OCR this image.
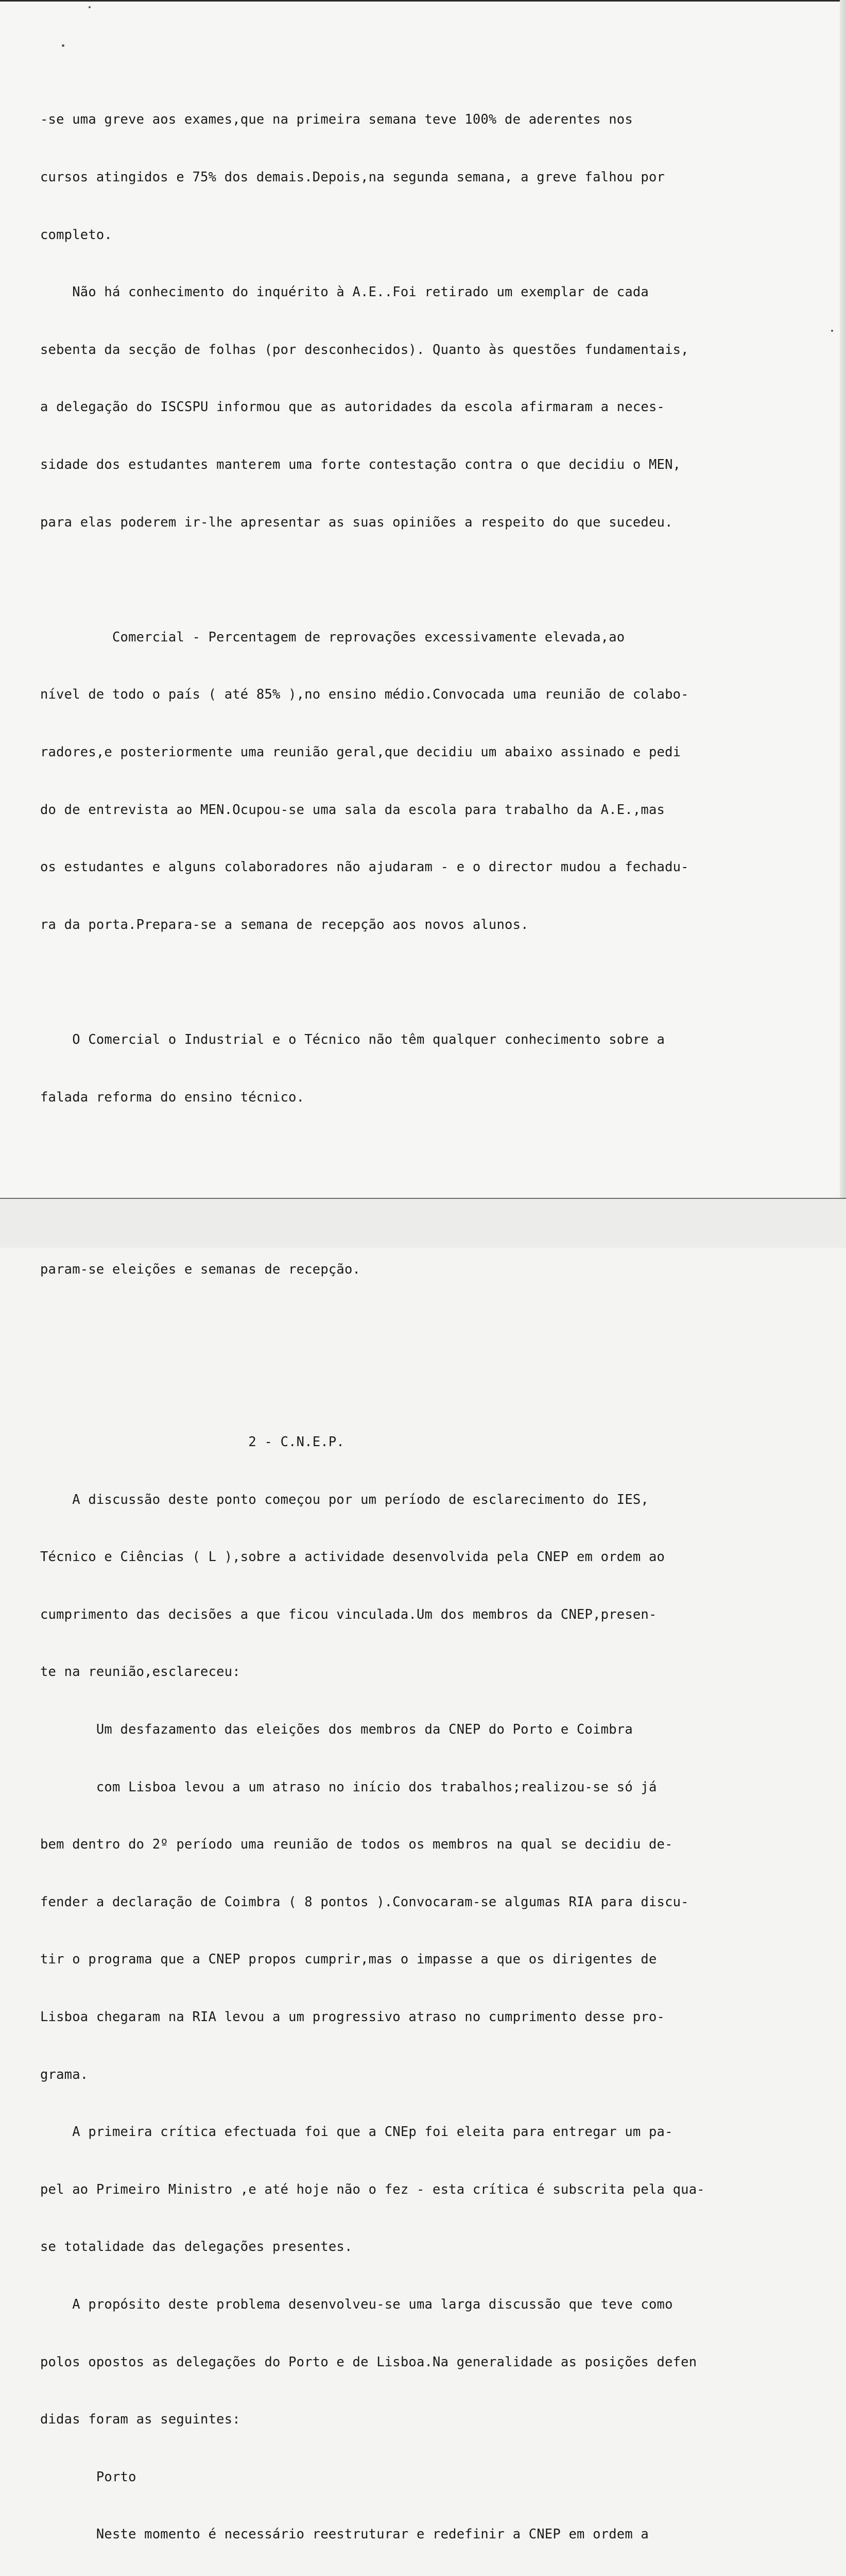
-se uma greve aos exames,que na primeira semana teve 100% de aderentes nos

cursos atingidos e 75% dos demais.Depois,na segunda semana, a greve falhou por

completo.

Não há conhecimento do inquérito à A.E..Foi retirado um exemplar de cada

sebenta da secção de folhas (por desconhecidos). Quanto às questões fundamentais,

a delegação do ISCSPU informou que as autoridades da escola afirmaram a neces-

sidade dos estudantes manterem uma forte contestação contra o que decidiu o MEN,

para elas poderem ir-lhe apresentar as suas opiniões a respeito do que sucedeu.

Comercial - Percentagem de reprovações excessivamente elevada,ao

nível de todo o país ( até 85% ),no ensino médio.Convocada uma reunião de colabo-

radores,e posteriormente uma reunião geral,que decidiu um abaixo assinado e pedi

do de entrevista ao MEN.Ocupou-se uma sala da escola para trabalho da A.E.,mas

os estudantes e alguns colaboradores não ajudaram - e o director mudou a fechadu-

ra da porta.Prepara-se a semana de recepção aos novos alunos.

O Comercial o Industrial e o Técnico não têm qualquer conhecimento sobre a

falada reforma do ensino técnico.

param-se eleições e semanas de recepção.

2 - C.N.E.P.

A discussão deste ponto começou por um período de esclarecimento do IES,

Técnico e Ciências ( L ),sobre a actividade desenvolvida pela CNEP em ordem ao

cumprimento das decisões a que ficou vinculada.Um dos membros da CNEP,presen-

te na reunião,esclareceu:

Um desfazamento das eleições dos membros da CNEP do Porto e Coimbra

com Lisboa levou a um atraso no início dos trabalhos;realizou-se só já

bem dentro do 2º período uma reunião de todos os membros na qual se decidiu de-

fender a declaração de Coimbra ( 8 pontos ).Convocaram-se algumas RIA para discu-

tir o programa que a CNEP propos cumprir,mas o impasse a que os dirigentes de

Lisboa chegaram na RIA levou a um progressivo atraso no cumprimento desse pro-

grama.

A primeira crítica efectuada foi que a CNEp foi eleita para entregar um pa-

pel ao Primeiro Ministro ,e até hoje não o fez - esta crítica é subscrita pela qua-

se totalidade das delegações presentes.

A propósito deste problema desenvolveu-se uma larga discussão que teve como

polos opostos as delegações do Porto e de Lisboa.Na generalidade as posições defen

didas foram as seguintes:

Porto

Neste momento é necessário reestruturar e redefinir a CNEP em ordem a
